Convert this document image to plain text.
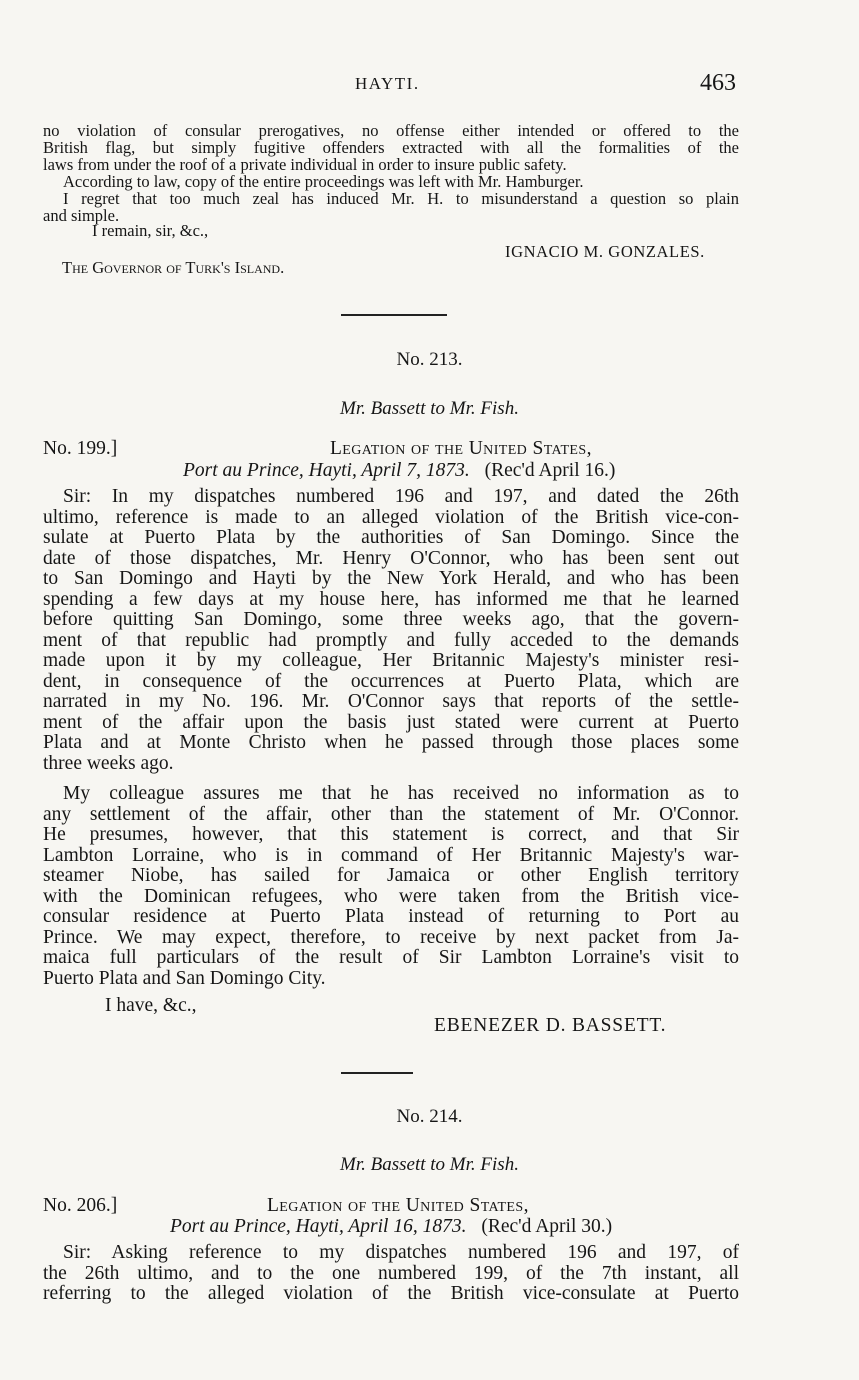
HAYTI.	463
no violation of consular prerogatives, no offense either intended or offered to the
British flag, but simply fugitive offenders extracted with all the formalities of the
laws from under the roof of a private individual in order to insure public safety.
According to law, copy of the entire proceedings was left with Mr. Hamburger.
I regret that too much zeal has induced Mr. H. to misunderstand a question so plain
and simple.
I remain, sir, &c.,
IGNACIO M. GONZALES.
The Governor of Turk's Island.
No. 213.
Mr. Bassett to Mr. Fish.
No. 199.]	Legation of the United States,
Port au Prince, Hayti, April 7, 1873. (Rec'd April 16.)
Sir: In my dispatches numbered 196 and 197, and dated the 26th
ultimo, reference is made to an alleged violation of the British vice-con-
sulate at Puerto Plata by the authorities of San Domingo. Since the
date of those dispatches, Mr. Henry O'Connor, who has been sent out
to San Domingo and Hayti by the New York Herald, and who has been
spending a few days at my house here, has informed me that he learned
before quitting San Domingo, some three weeks ago, that the govern-
ment of that republic had promptly and fully acceded to the demands
made upon it by my colleague, Her Britannic Majesty's minister resi-
dent, in consequence of the occurrences at Puerto Plata, which are
narrated in my No. 196. Mr. O'Connor says that reports of the settle-
ment of the affair upon the basis just stated were current at Puerto
Plata and at Monte Christo when he passed through those places some
three weeks ago.
My colleague assures me that he has received no information as to
any settlement of the affair, other than the statement of Mr. O'Connor.
He presumes, however, that this statement is correct, and that Sir
Lambton Lorraine, who is in command of Her Britannic Majesty's war-
steamer Niobe, has sailed for Jamaica or other English territory
with the Dominican refugees, who were taken from the British vice-
consular residence at Puerto Plata instead of returning to Port au
Prince. We may expect, therefore, to receive by next packet from Ja-
maica full particulars of the result of Sir Lambton Lorraine's visit to
Puerto Plata and San Domingo City.
I have, &c.,
EBENEZER D. BASSETT.
No. 214.
Mr. Bassett to Mr. Fish.
No. 206.]	Legation of the United States,
Port au Prince, Hayti, April 16, 1873. (Rec'd April 30.)
Sir: Asking reference to my dispatches numbered 196 and 197, of
the 26th ultimo, and to the one numbered 199, of the 7th instant, all
referring to the alleged violation of the British vice-consulate at Puerto
